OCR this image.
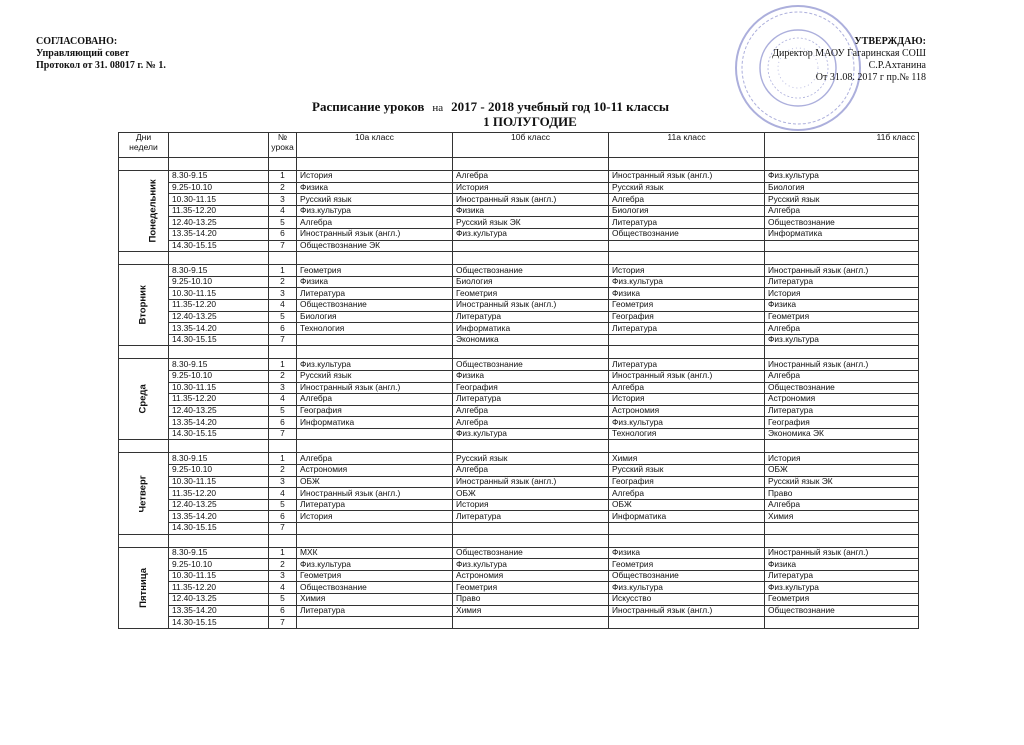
СОГЛАСОВАНО:
Управляющий совет
Протокол от 31. 08017 г. № 1.
УТВЕРЖДАЮ:
Директор МАОУ Гагаринская СОШ
С.Р.Ахтанина
От 31.08. 2017 г пр.№ 118
Расписание уроков на 2017 - 2018 учебный год 10-11 классы
1 ПОЛУГОДИЕ
Дни недели		№ урока	10а класс	10б класс	11а класс	11б класс

Понедельник	8.30-9.15	1	История	Алгебра	Иностранный язык (англ.)	Физ.культура
	9.25-10.10	2	Физика	История	Русский язык	Биология
	10.30-11.15	3	Русский язык	Иностранный язык (англ.)	Алгебра	Русский язык
	11.35-12.20	4	Физ.культура	Физика	Биология	Алгебра
	12.40-13.25	5	Алгебра	Русский язык ЭК	Литература	Обществознание
	13.35-14.20	6	Иностранный язык (англ.)	Физ.культура	Обществознание	Информатика
	14.30-15.15	7	Обществознание ЭК			

Вторник	8.30-9.15	1	Геометрия	Обществознание	История	Иностранный язык (англ.)
	9.25-10.10	2	Физика	Биология	Физ.культура	Литература
	10.30-11.15	3	Литература	Геометрия	Физика	История
	11.35-12.20	4	Обществознание	Иностранный язык (англ.)	Геометрия	Физика
	12.40-13.25	5	Биология	Литература	География	Геометрия
	13.35-14.20	6	Технология	Информатика	Литература	Алгебра
	14.30-15.15	7		Экономика		Физ.культура

Среда	8.30-9.15	1	Физ.культура	Обществознание	Литература	Иностранный язык (англ.)
	9.25-10.10	2	Русский язык	Физика	Иностранный язык (англ.)	Алгебра
	10.30-11.15	3	Иностранный язык (англ.)	География	Алгебра	Обществознание
	11.35-12.20	4	Алгебра	Литература	История	Астрономия
	12.40-13.25	5	География	Алгебра	Астрономия	Литература
	13.35-14.20	6	Информатика	Алгебра	Физ.культура	География
	14.30-15.15	7		Физ.культура	Технология	Экономика ЭК

Четверг	8.30-9.15	1	Алгебра	Русский язык	Химия	История
	9.25-10.10	2	Астрономия	Алгебра	Русский язык	ОБЖ
	10.30-11.15	3	ОБЖ	Иностранный язык (англ.)	География	Русский язык ЭК
	11.35-12.20	4	Иностранный язык (англ.)	ОБЖ	Алгебра	Право
	12.40-13.25	5	Литература	История	ОБЖ	Алгебра
	13.35-14.20	6	История	Литература	Информатика	Химия
	14.30-15.15	7				

Пятница	8.30-9.15	1	МХК	Обществознание	Физика	Иностранный язык (англ.)
	9.25-10.10	2	Физ.культура	Физ.культура	Геометрия	Физика
	10.30-11.15	3	Геометрия	Астрономия	Обществознание	Литература
	11.35-12.20	4	Обществознание	Геометрия	Физ.культура	Физ.культура
	12.40-13.25	5	Химия	Право	Искусство	Геометрия
	13.35-14.20	6	Литература	Химия	Иностранный язык (англ.)	Обществознание
	14.30-15.15	7				
